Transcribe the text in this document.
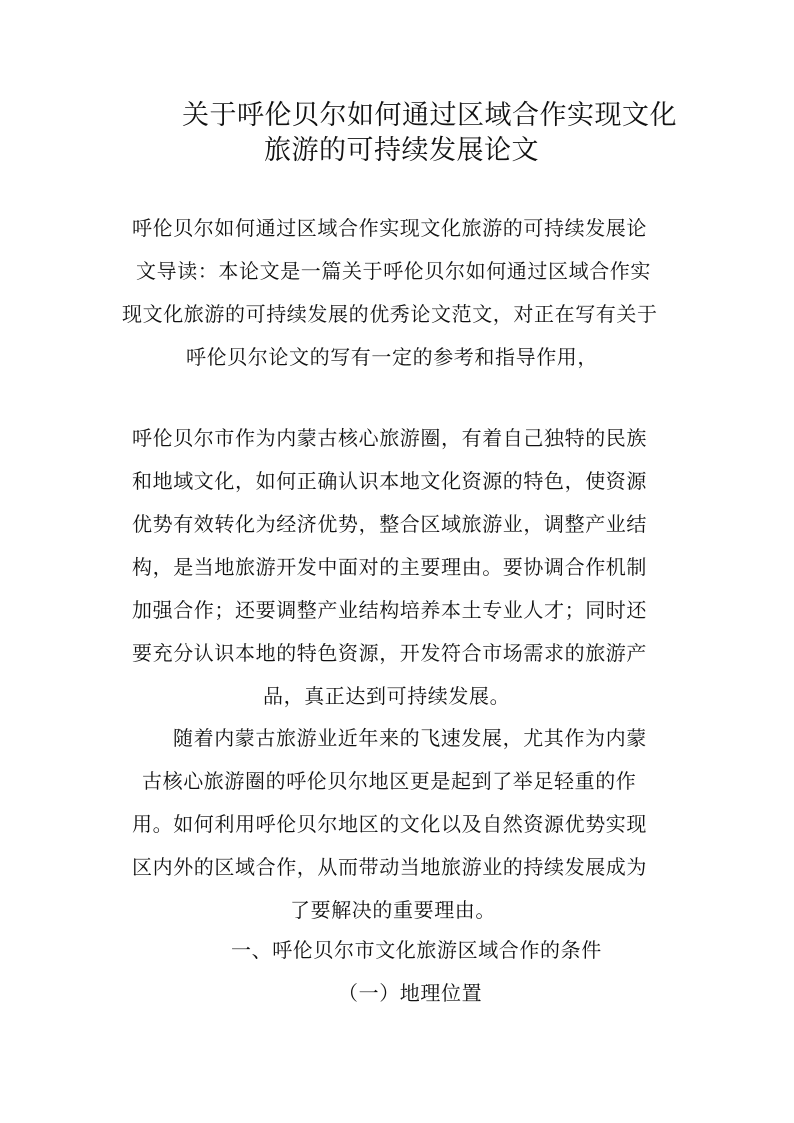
关于呼伦贝尔如何通过区域合作实现文化
旅游的可持续发展论文
呼伦贝尔如何通过区域合作实现文化旅游的可持续发展论
文导读：本论文是一篇关于呼伦贝尔如何通过区域合作实
现文化旅游的可持续发展的优秀论文范文，对正在写有关于
呼伦贝尔论文的写有一定的参考和指导作用，
呼伦贝尔市作为内蒙古核心旅游圈，有着自己独特的民族
和地域文化，如何正确认识本地文化资源的特色，使资源
优势有效转化为经济优势，整合区域旅游业，调整产业结
构，是当地旅游开发中面对的主要理由。要协调合作机制
加强合作；还要调整产业结构培养本土专业人才；同时还
要充分认识本地的特色资源，开发符合市场需求的旅游产
品，真正达到可持续发展。
随着内蒙古旅游业近年来的飞速发展，尤其作为内蒙
古核心旅游圈的呼伦贝尔地区更是起到了举足轻重的作
用。如何利用呼伦贝尔地区的文化以及自然资源优势实现
区内外的区域合作，从而带动当地旅游业的持续发展成为
了要解决的重要理由。
一、呼伦贝尔市文化旅游区域合作的条件
（一）地理位置
